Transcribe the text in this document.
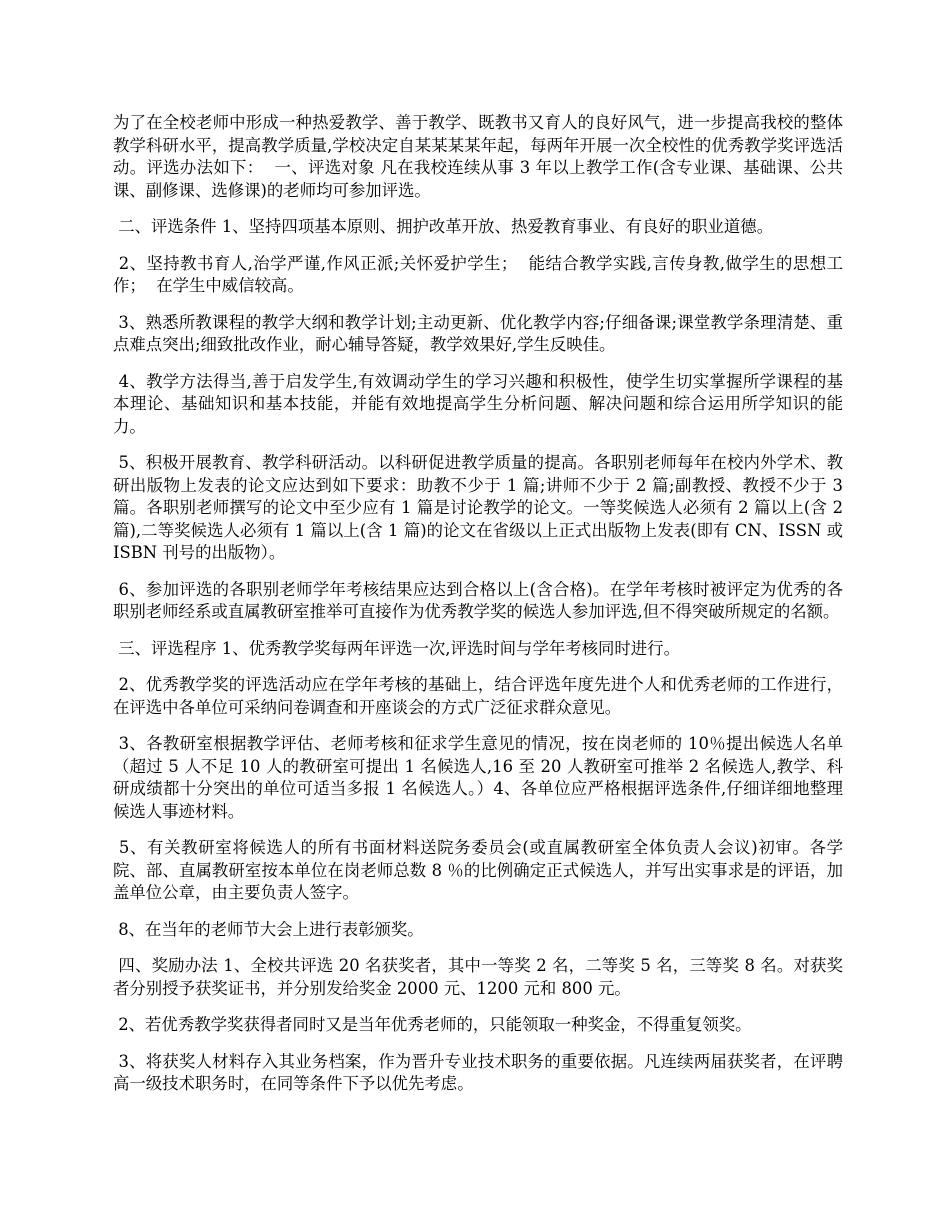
为了在全校老师中形成一种热爱教学、善于教学、既教书又育人的良好风气，进一步提高我校的整体教学科研水平，提高教学质量,学校决定自某某某某年起，每两年开展一次全校性的优秀教学奖评选活动。评选办法如下：  一、评选对象 凡在我校连续从事 3 年以上教学工作(含专业课、基础课、公共课、副修课、选修课)的老师均可参加评选。

二、评选条件 1、坚持四项基本原则、拥护改革开放、热爱教育事业、有良好的职业道德。

2、坚持教书育人,治学严谨,作风正派;关怀爱护学生；  能结合教学实践,言传身教,做学生的思想工作；  在学生中威信较高。

3、熟悉所教课程的教学大纲和教学计划;主动更新、优化教学内容;仔细备课;课堂教学条理清楚、重点难点突出;细致批改作业，耐心辅导答疑，教学效果好,学生反映佳。

4、教学方法得当,善于启发学生,有效调动学生的学习兴趣和积极性，使学生切实掌握所学课程的基本理论、基础知识和基本技能，并能有效地提高学生分析问题、解决问题和综合运用所学知识的能力。

5、积极开展教育、教学科研活动。以科研促进教学质量的提高。各职别老师每年在校内外学术、教研出版物上发表的论文应达到如下要求：助教不少于 1 篇;讲师不少于 2 篇;副教授、教授不少于 3 篇。各职别老师撰写的论文中至少应有 1 篇是讨论教学的论文。一等奖候选人必须有 2 篇以上(含 2 篇),二等奖候选人必须有 1 篇以上(含 1 篇)的论文在省级以上正式出版物上发表(即有 CN、ISSN 或 ISBN 刊号的出版物）。

6、参加评选的各职别老师学年考核结果应达到合格以上(含合格)。在学年考核时被评定为优秀的各职别老师经系或直属教研室推举可直接作为优秀教学奖的候选人参加评选,但不得突破所规定的名额。

三、评选程序 1、优秀教学奖每两年评选一次,评选时间与学年考核同时进行。

2、优秀教学奖的评选活动应在学年考核的基础上，结合评选年度先进个人和优秀老师的工作进行，在评选中各单位可采纳问卷调查和开座谈会的方式广泛征求群众意见。

3、各教研室根据教学评估、老师考核和征求学生意见的情况，按在岗老师的 10％提出候选人名单（超过 5 人不足 10 人的教研室可提出 1 名候选人,16 至 20 人教研室可推举 2 名候选人,教学、科研成绩都十分突出的单位可适当多报 1 名候选人。）4、各单位应严格根据评选条件,仔细详细地整理候选人事迹材料。

5、有关教研室将候选人的所有书面材料送院务委员会(或直属教研室全体负责人会议)初审。各学院、部、直属教研室按本单位在岗老师总数 8 ％的比例确定正式候选人，并写出实事求是的评语，加盖单位公章，由主要负责人签字。

8、在当年的老师节大会上进行表彰颁奖。

四、奖励办法 1、全校共评选 20 名获奖者，其中一等奖 2 名，二等奖 5 名，三等奖 8 名。对获奖者分别授予获奖证书，并分别发给奖金 2000 元、1200 元和 800 元。

2、若优秀教学奖获得者同时又是当年优秀老师的，只能领取一种奖金，不得重复领奖。

3、将获奖人材料存入其业务档案，作为晋升专业技术职务的重要依据。凡连续两届获奖者，在评聘高一级技术职务时，在同等条件下予以优先考虑。
